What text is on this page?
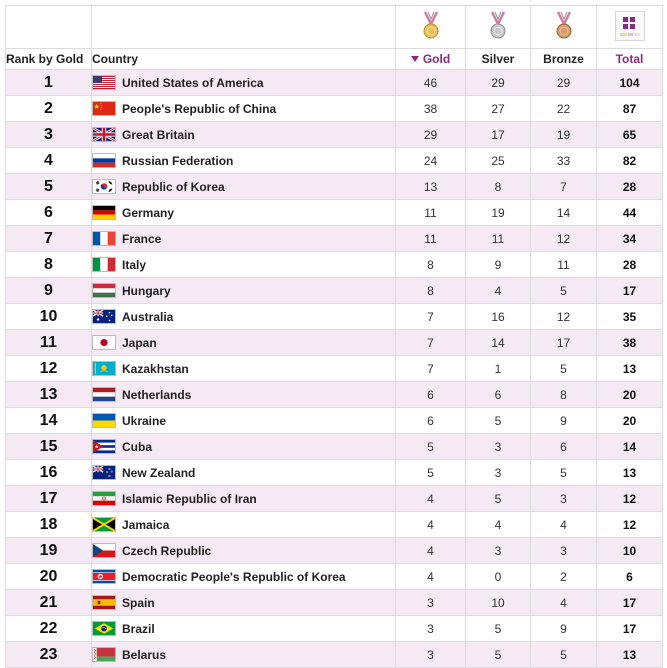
Rank by Gold	Country	Gold	Silver	Bronze	Total
1	United States of America	46	29	29	104
2	People's Republic of China	38	27	22	87
3	Great Britain	29	17	19	65
4	Russian Federation	24	25	33	82
5	Republic of Korea	13	8	7	28
6	Germany	11	19	14	44
7	France	11	11	12	34
8	Italy	8	9	11	28
9	Hungary	8	4	5	17
10	Australia	7	16	12	35
11	Japan	7	14	17	38
12	Kazakhstan	7	1	5	13
13	Netherlands	6	6	8	20
14	Ukraine	6	5	9	20
15	Cuba	5	3	6	14
16	New Zealand	5	3	5	13
17	Islamic Republic of Iran	4	5	3	12
18	Jamaica	4	4	4	12
19	Czech Republic	4	3	3	10
20	Democratic People's Republic of Korea	4	0	2	6
21	Spain	3	10	4	17
22	Brazil	3	5	9	17
23	Belarus	3	5	5	13
